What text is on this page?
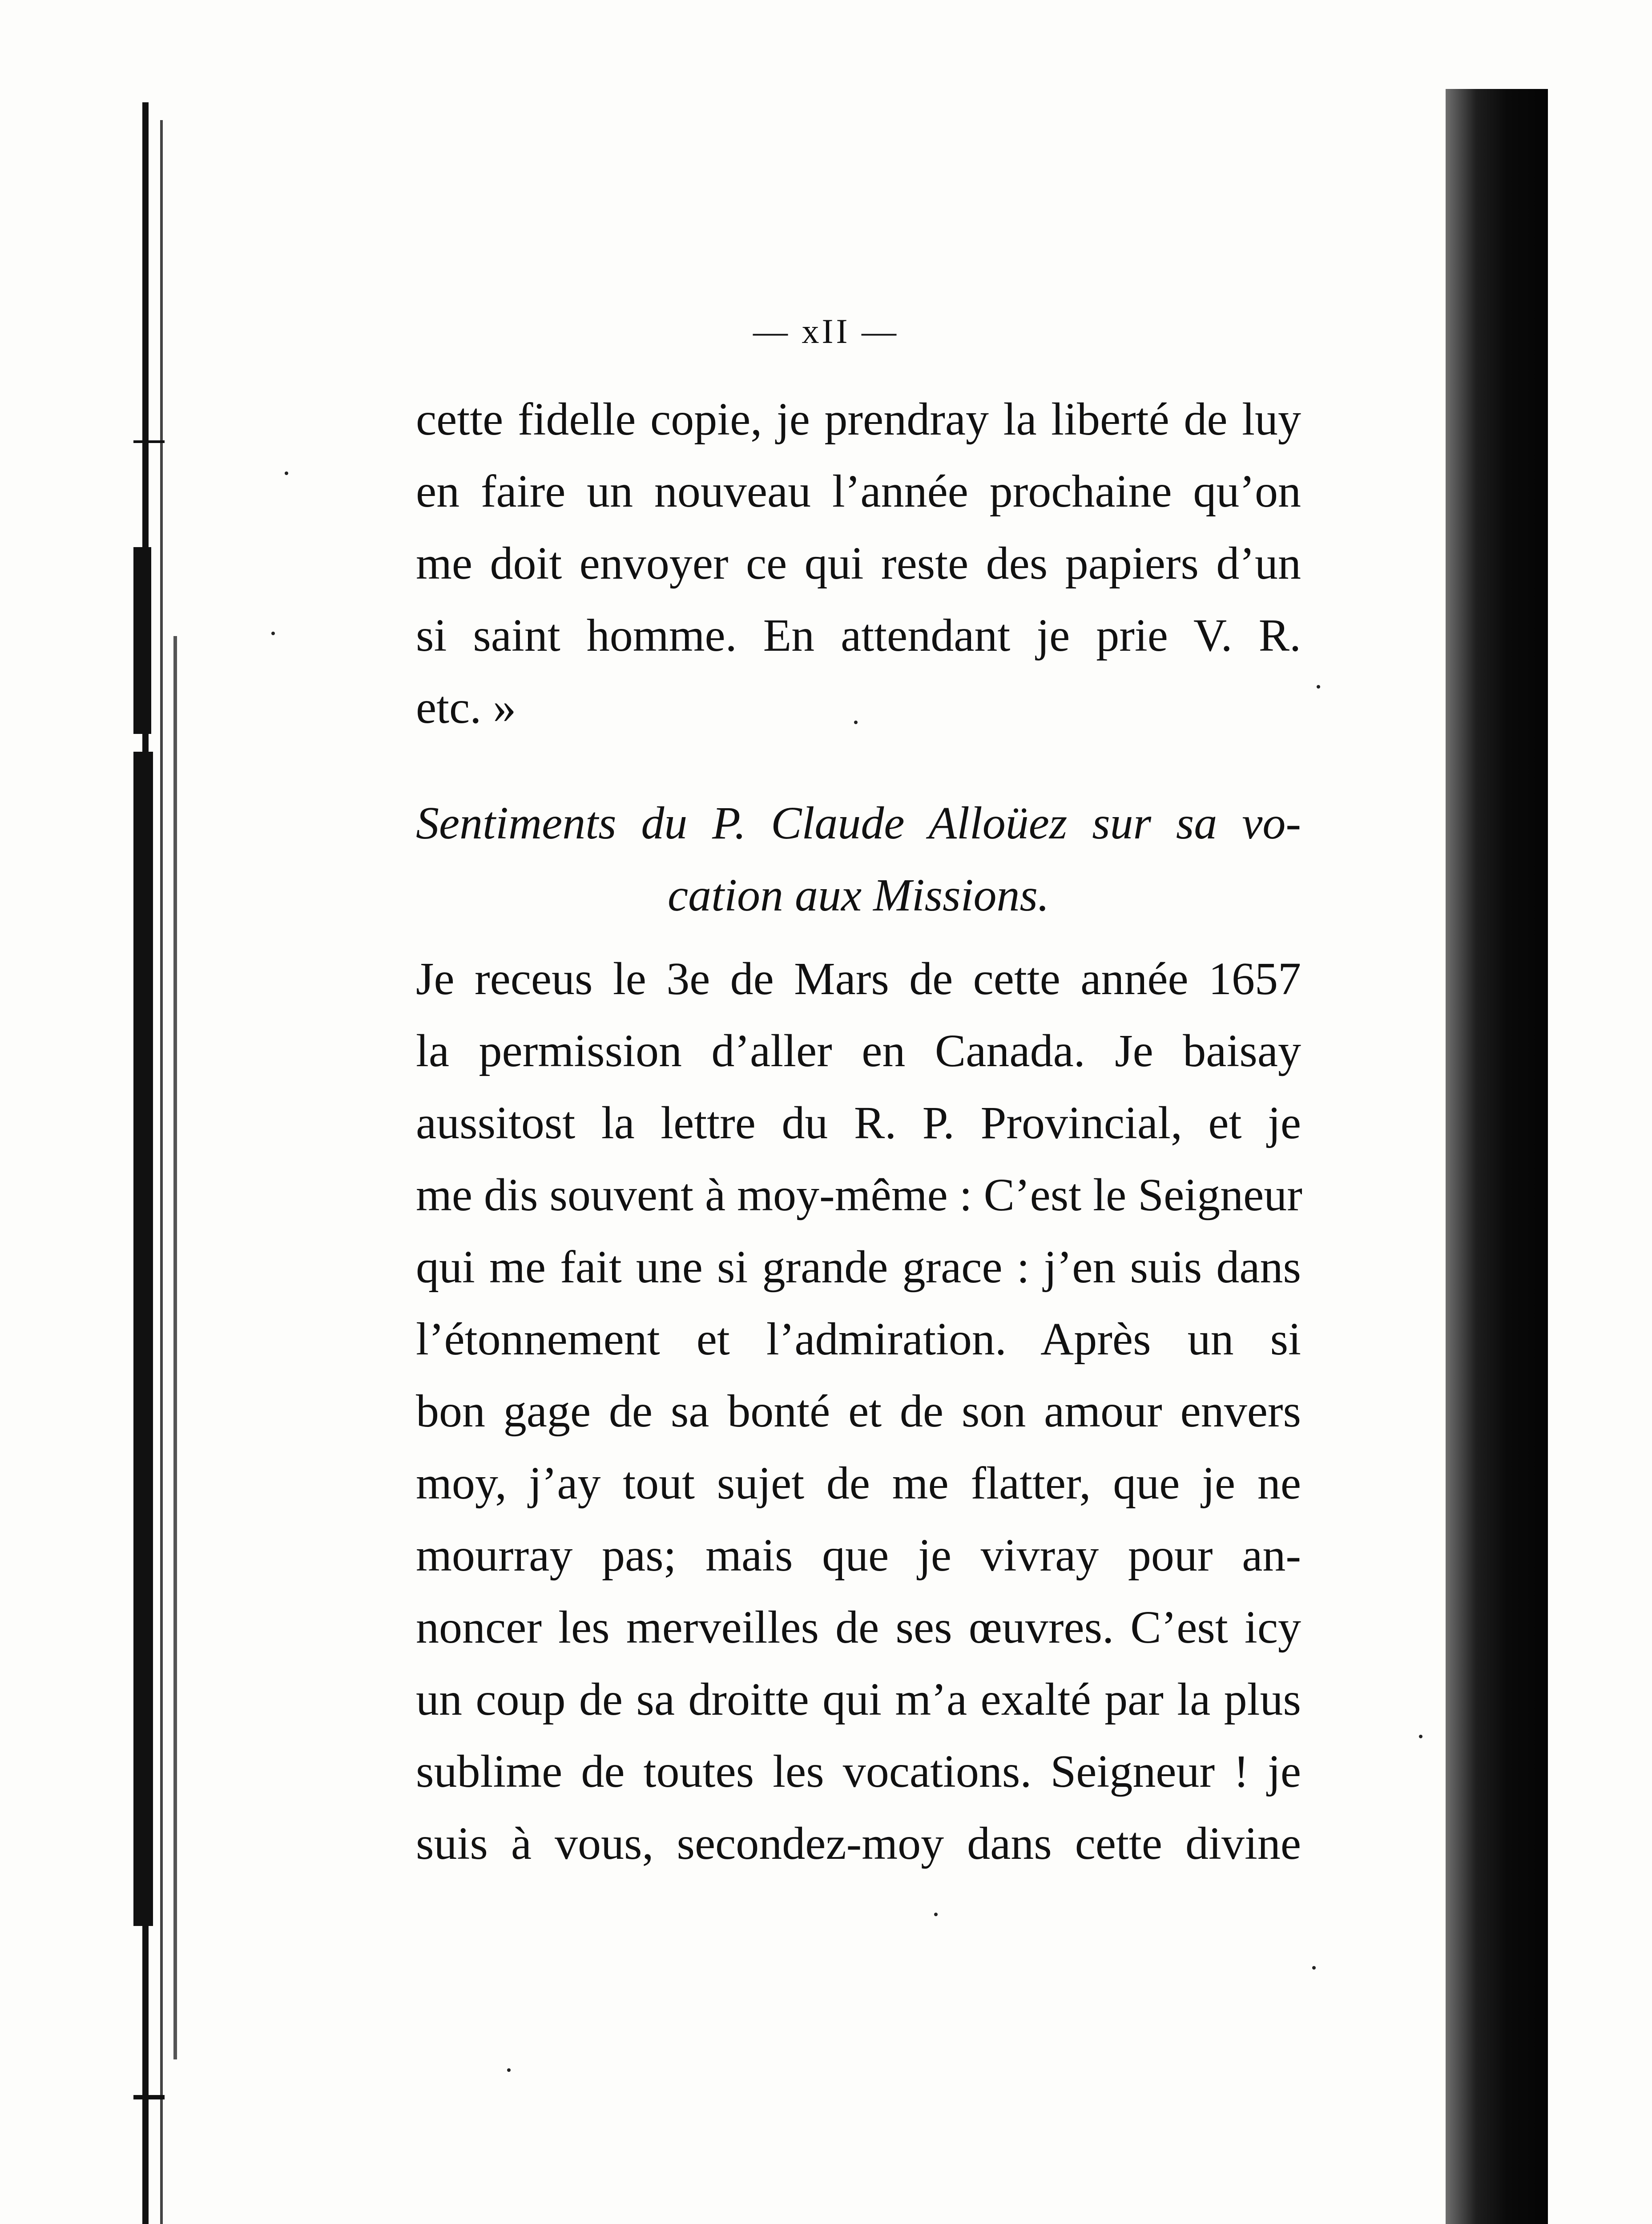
— xII —
cette fidelle copie, je prendray la liberté de luy
en faire un nouveau l’année prochaine qu’on
me doit envoyer ce qui reste des papiers d’un
si saint homme. En attendant je prie V. R.
etc. »
Sentiments du P. Claude Alloüez sur sa vo-
cation aux Missions.
Je receus le 3e de Mars de cette année 1657
la permission d’aller en Canada. Je baisay
aussitost la lettre du R. P. Provincial, et je
me dis souvent à moy-même : C’est le Seigneur
qui me fait une si grande grace : j’en suis dans
l’étonnement et l’admiration. Après un si
bon gage de sa bonté et de son amour envers
moy, j’ay tout sujet de me flatter, que je ne
mourray pas; mais que je vivray pour an-
noncer les merveilles de ses œuvres. C’est icy
un coup de sa droitte qui m’a exalté par la plus
sublime de toutes les vocations. Seigneur ! je
suis à vous, secondez-moy dans cette divine
